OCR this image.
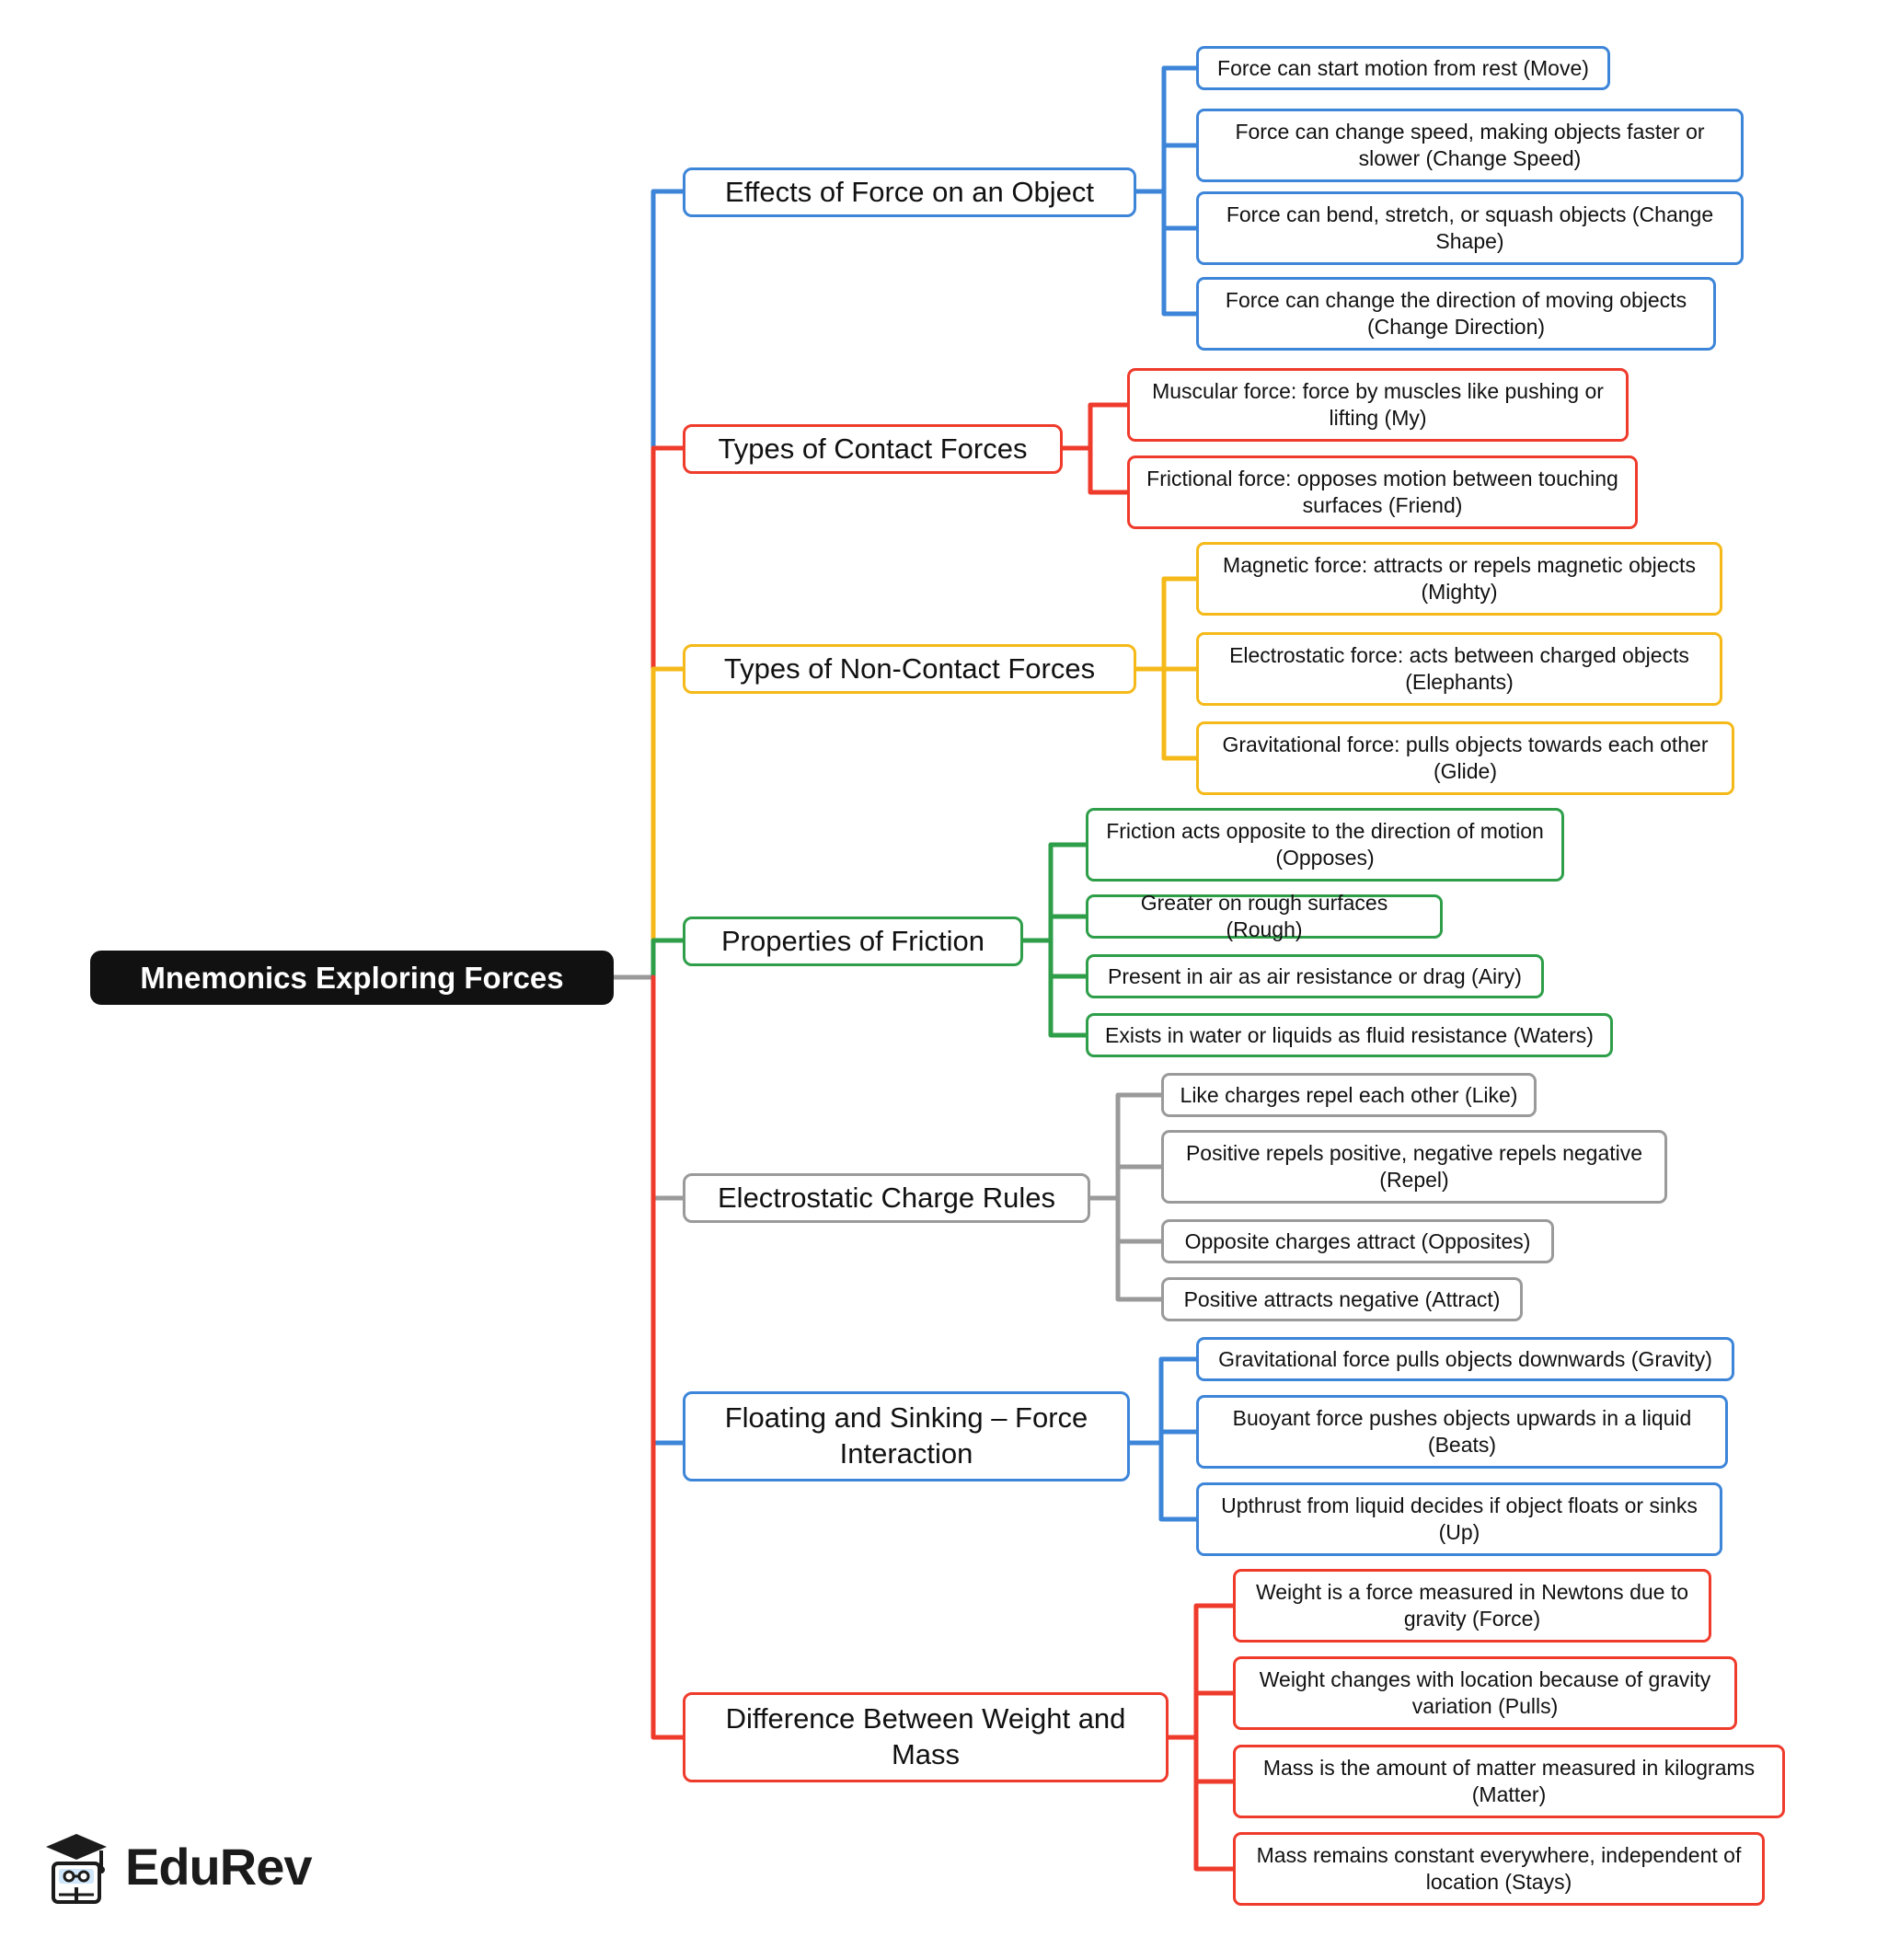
Mnemonics Exploring Forces
Effects of Force on an Object
Force can start motion from rest (Move)
Force can change speed, making objects faster or slower (Change Speed)
Force can bend, stretch, or squash objects (Change Shape)
Force can change the direction of moving objects (Change Direction)
Types of Contact Forces
Muscular force: force by muscles like pushing or lifting (My)
Frictional force: opposes motion between touching surfaces (Friend)
Types of Non-Contact Forces
Magnetic force: attracts or repels magnetic objects (Mighty)
Electrostatic force: acts between charged objects (Elephants)
Gravitational force: pulls objects towards each other (Glide)
Properties of Friction
Friction acts opposite to the direction of motion (Opposes)
Greater on rough surfaces (Rough)
Present in air as air resistance or drag (Airy)
Exists in water or liquids as fluid resistance (Waters)
Electrostatic Charge Rules
Like charges repel each other (Like)
Positive repels positive, negative repels negative (Repel)
Opposite charges attract (Opposites)
Positive attracts negative (Attract)
Floating and Sinking – Force Interaction
Gravitational force pulls objects downwards (Gravity)
Buoyant force pushes objects upwards in a liquid (Beats)
Upthrust from liquid decides if object floats or sinks (Up)
Difference Between Weight and Mass
Weight is a force measured in Newtons due to gravity (Force)
Weight changes with location because of gravity variation (Pulls)
Mass is the amount of matter measured in kilograms (Matter)
Mass remains constant everywhere, independent of location (Stays)
EduRev
